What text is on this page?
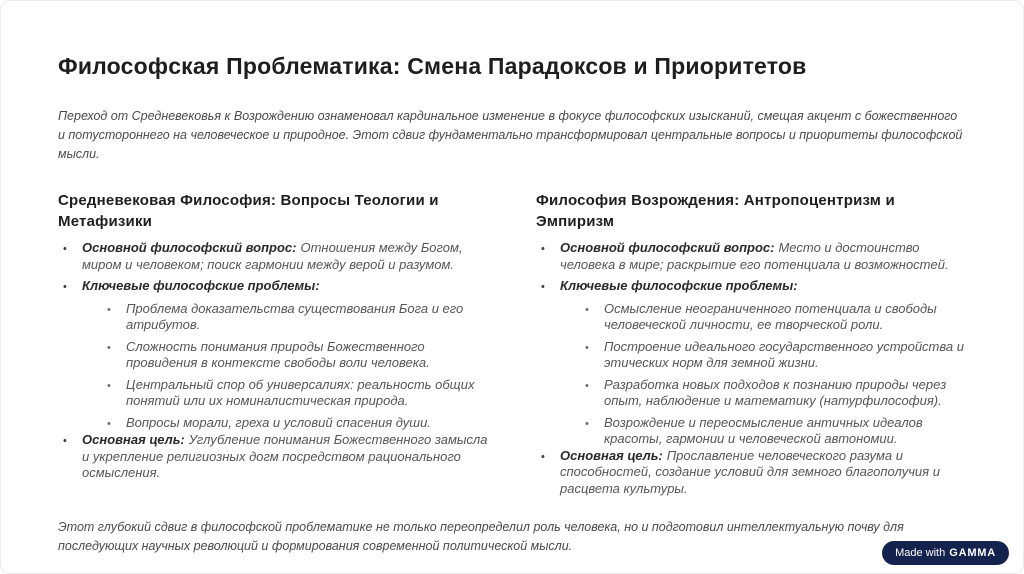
Философская Проблематика: Смена Парадоксов и Приоритетов

Переход от Средневековья к Возрождению ознаменовал кардинальное изменение в фокусе философских изысканий, смещая акцент с божественного и потустороннего на человеческое и природное. Этот сдвиг фундаментально трансформировал центральные вопросы и приоритеты философской мысли.

Средневековая Философия: Вопросы Теологии и Метафизики
•

Основной философский вопрос: Отношения между Богом, миром и человеком; поиск гармонии между верой и разумом.

•

Ключевые философские проблемы:

•

Проблема доказательства существования Бога и его атрибутов.

•

Сложность понимания природы Божественного провидения в контексте свободы воли человека.

•

Центральный спор об универсалиях: реальность общих понятий или их номиналистическая природа.

•

Вопросы морали, греха и условий спасения души.

•

Основная цель: Углубление понимания Божественного замысла и укрепление религиозных догм посредством рационального осмысления.

Философия Возрождения: Антропоцентризм и Эмпиризм
•

Основной философский вопрос: Место и достоинство человека в мире; раскрытие его потенциала и возможностей.

•

Ключевые философские проблемы:

•

Осмысление неограниченного потенциала и свободы человеческой личности, ее творческой роли.

•

Построение идеального государственного устройства и этических норм для земной жизни.

•

Разработка новых подходов к познанию природы через опыт, наблюдение и математику (натурфилософия).

•

Возрождение и переосмысление античных идеалов красоты, гармонии и человеческой автономии.

•

Основная цель: Прославление человеческого разума и способностей, создание условий для земного благополучия и расцвета культуры.

Этот глубокий сдвиг в философской проблематике не только переопределил роль человека, но и подготовил интеллектуальную почву для последующих научных революций и формирования современной политической мысли.	Made with GAMMA
